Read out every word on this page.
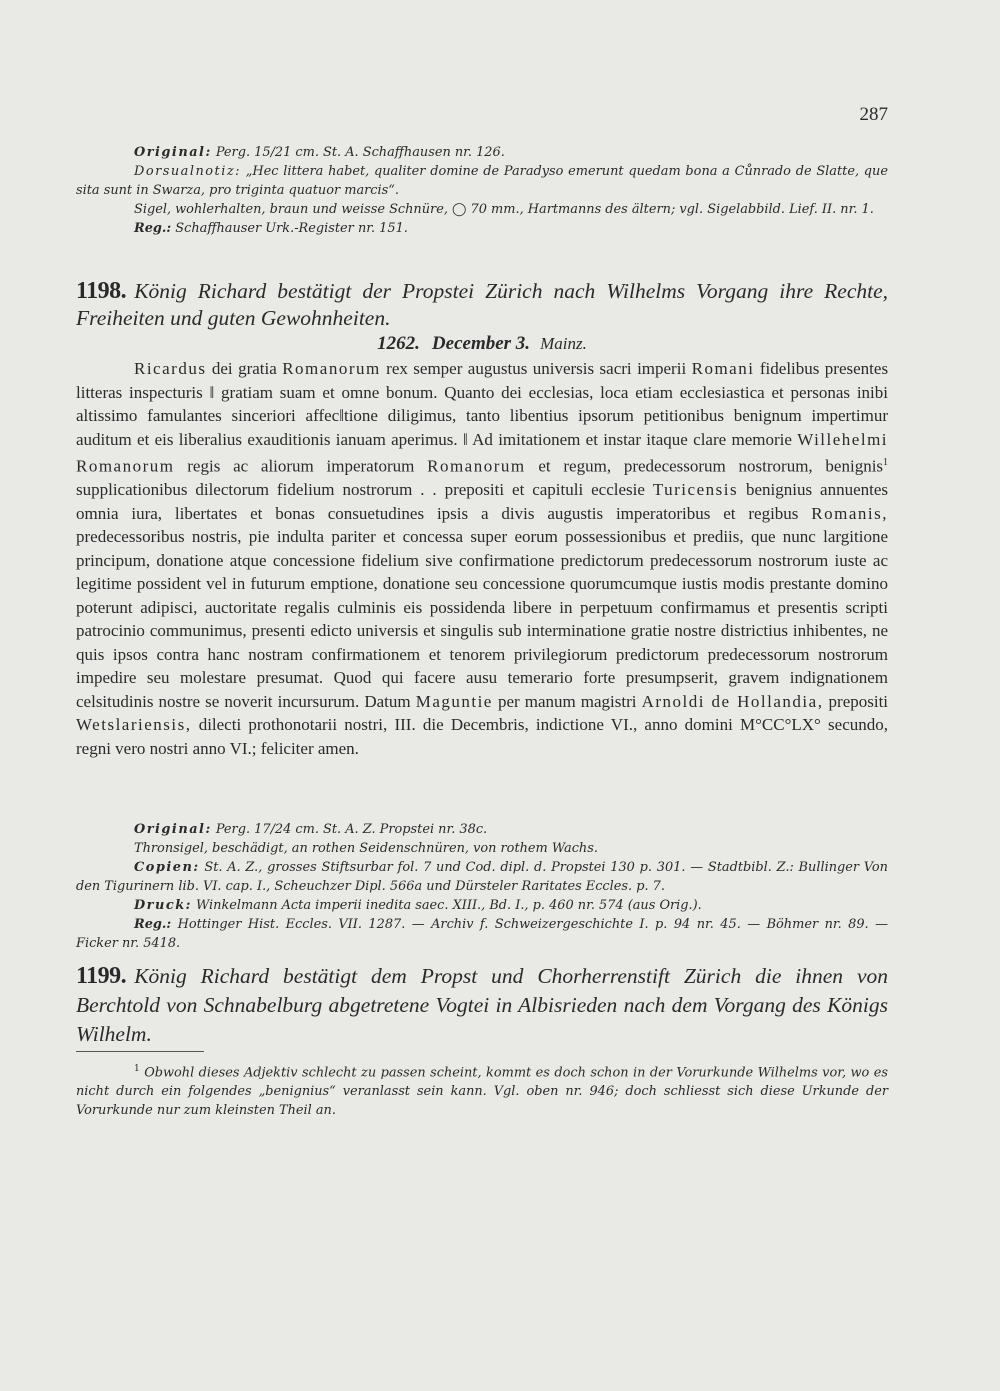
287

Original: Perg. 15/21 cm. St. A. Schaffhausen nr. 126.

Dorsualnotiz: „Hec littera habet, qualiter domine de Paradyso emerunt quedam bona a Cůnrado de Slatte, que sita sunt in Swarza, pro triginta quatuor marcis“.

Sigel, wohlerhalten, braun und weisse Schnüre, ◯ 70 mm., Hartmanns des ältern; vgl. Sigelabbild. Lief. II. nr. 1.

Reg.: Schaffhauser Urk.-Register nr. 151.

1198. König Richard bestätigt der Propstei Zürich nach Wilhelms Vorgang ihre Rechte, Freiheiten und guten Gewohnheiten.

1262. December 3. Mainz.

Ricardus dei gratia Romanorum rex semper augustus universis sacri imperii Romani fidelibus presentes litteras inspecturis ‖ gratiam suam et omne bonum. Quanto dei ecclesias, loca etiam ecclesiastica et personas inibi altissimo famulantes sinceriori affec‖tione diligimus, tanto libentius ipsorum petitionibus benignum impertimur auditum et eis liberalius exauditionis ianuam aperimus. ‖ Ad imitationem et instar itaque clare memorie Willehelmi Romanorum regis ac aliorum imperatorum Romanorum et regum, predecessorum nostrorum, benignis$^1$ supplicationibus dilectorum fidelium nostrorum . . prepositi et capituli ecclesie Turicensis benignius annuentes omnia iura, libertates et bonas consuetudines ipsis a divis augustis imperatoribus et regibus Romanis, predecessoribus nostris, pie indulta pariter et concessa super eorum possessionibus et prediis, que nunc largitione principum, donatione atque concessione fidelium sive confirmatione predictorum predecessorum nostrorum iuste ac legitime possident vel in futurum emptione, donatione seu concessione quorumcumque iustis modis prestante domino poterunt adipisci, auctoritate regalis culminis eis possidenda libere in perpetuum confirmamus et presentis scripti patrocinio communimus, presenti edicto universis et singulis sub interminatione gratie nostre districtius inhibentes, ne quis ipsos contra hanc nostram confirmationem et tenorem privilegiorum predictorum predecessorum nostrorum impedire seu molestare presumat. Quod qui facere ausu temerario forte presumpserit, gravem indignationem celsitudinis nostre se noverit incursurum. Datum Maguntie per manum magistri Arnoldi de Hollandia, prepositi Wetslariensis, dilecti prothonotarii nostri, III. die Decembris, indictione VI., anno domini M°CC°LX° secundo, regni vero nostri anno VI.; feliciter amen.

Original: Perg. 17/24 cm. St. A. Z. Propstei nr. 38c.

Thronsigel, beschädigt, an rothen Seidenschnüren, von rothem Wachs.

Copien: St. A. Z., grosses Stiftsurbar fol. 7 und Cod. dipl. d. Propstei 130 p. 301. — Stadtbibl. Z.: Bullinger Von den Tigurinern lib. VI. cap. I., Scheuchzer Dipl. 566a und Dürsteler Raritates Eccles. p. 7.

Druck: Winkelmann Acta imperii inedita saec. XIII., Bd. I., p. 460 nr. 574 (aus Orig.).

Reg.: Hottinger Hist. Eccles. VII. 1287. — Archiv f. Schweizergeschichte I. p. 94 nr. 45. — Böhmer nr. 89. — Ficker nr. 5418.

1199. König Richard bestätigt dem Propst und Chorherrenstift Zürich die ihnen von Berchtold von Schnabelburg abgetretene Vogtei in Albisrieden nach dem Vorgang des Königs Wilhelm.

$^1$ Obwohl dieses Adjektiv schlecht zu passen scheint, kommt es doch schon in der Vorurkunde Wilhelms vor, wo es nicht durch ein folgendes „benignius“ veranlasst sein kann. Vgl. oben nr. 946; doch schliesst sich diese Urkunde der Vorurkunde nur zum kleinsten Theil an.
